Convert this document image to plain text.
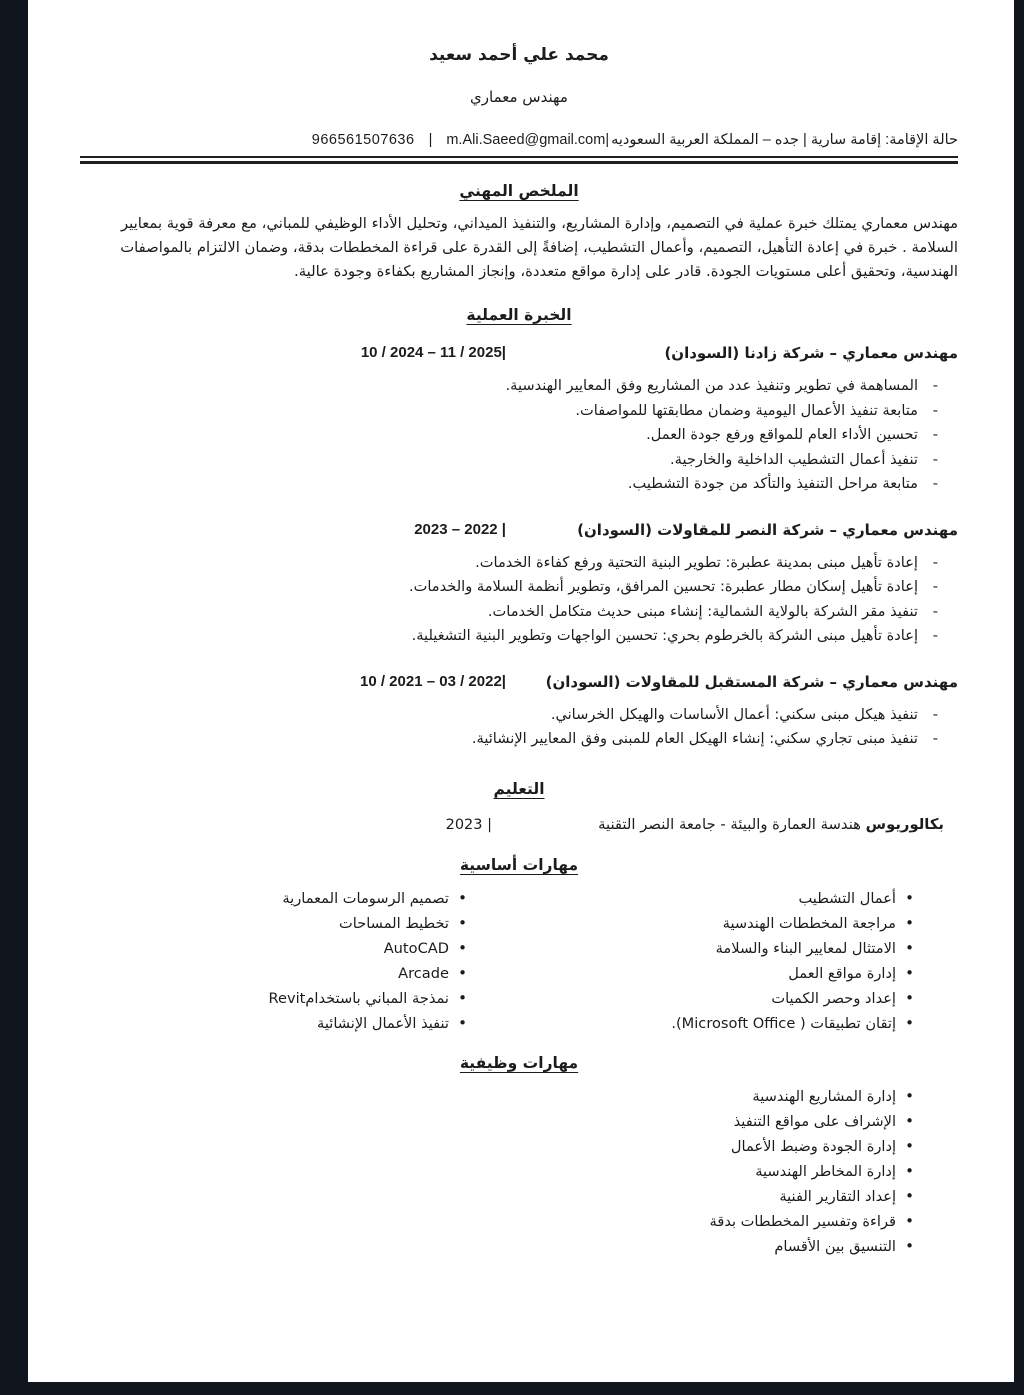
محمد علي أحمد سعيد
مهندس معماري
966561507636 | m.Ali.Saeed@gmail.com| حالة الإقامة: إقامة سارية | جده – المملكة العربية السعوديه
الملخص المهني
مهندس معماري يمتلك خبرة عملية في التصميم، وإدارة المشاريع، والتنفيذ الميداني، وتحليل الأداء الوظيفي للمباني، مع معرفة قوية بمعايير السلامة . خبرة في إعادة التأهيل، التصميم، وأعمال التشطيب، إضافةً إلى القدرة على قراءة المخططات بدقة، وضمان الالتزام بالمواصفات الهندسية، وتحقيق أعلى مستويات الجودة. قادر على إدارة مواقع متعددة، وإنجاز المشاريع بكفاءة وجودة عالية.
الخبرة العملية
مهندس معماري – شركة زادنا (السودان)
10 / 2024 – 11 / 2025|
- المساهمة في تطوير وتنفيذ عدد من المشاريع وفق المعايير الهندسية.
- متابعة تنفيذ الأعمال اليومية وضمان مطابقتها للمواصفات.
- تحسين الأداء العام للمواقع ورفع جودة العمل.
- تنفيذ أعمال التشطيب الداخلية والخارجية.
- متابعة مراحل التنفيذ والتأكد من جودة التشطيب.
مهندس معماري – شركة النصر للمقاولات (السودان)
2023 – 2022 |
- إعادة تأهيل مبنى بمدينة عطبرة: تطوير البنية التحتية ورفع كفاءة الخدمات.
- إعادة تأهيل إسكان مطار عطبرة: تحسين المرافق، وتطوير أنظمة السلامة والخدمات.
- تنفيذ مقر الشركة بالولاية الشمالية: إنشاء مبنى حديث متكامل الخدمات.
- إعادة تأهيل مبنى الشركة بالخرطوم بحري: تحسين الواجهات وتطوير البنية التشغيلية.
مهندس معماري – شركة المستقبل للمقاولات (السودان)
10 / 2021 – 03 / 2022|
- تنفيذ هيكل مبنى سكني: أعمال الأساسات والهيكل الخرساني.
- تنفيذ مبنى تجاري سكني: إنشاء الهيكل العام للمبنى وفق المعايير الإنشائية.
التعليم
بكالوريوس هندسة العمارة والبيئة - جامعة النصر التقنية
2023 |
مهارات أساسية
• أعمال التشطيب
• مراجعة المخططات الهندسية
• الامتثال لمعايير البناء والسلامة
• إدارة مواقع العمل
• إعداد وحصر الكميات
• إتقان تطبيقات ( Microsoft Office).
• تصميم الرسومات المعمارية
• تخطيط المساحات
• AutoCAD
• Arcade
• نمذجة المباني باستخدامRevit
• تنفيذ الأعمال الإنشائية
مهارات وظيفية
• إدارة المشاريع الهندسية
• الإشراف على مواقع التنفيذ
• إدارة الجودة وضبط الأعمال
• إدارة المخاطر الهندسية
• إعداد التقارير الفنية
• قراءة وتفسير المخططات بدقة
• التنسيق بين الأقسام
